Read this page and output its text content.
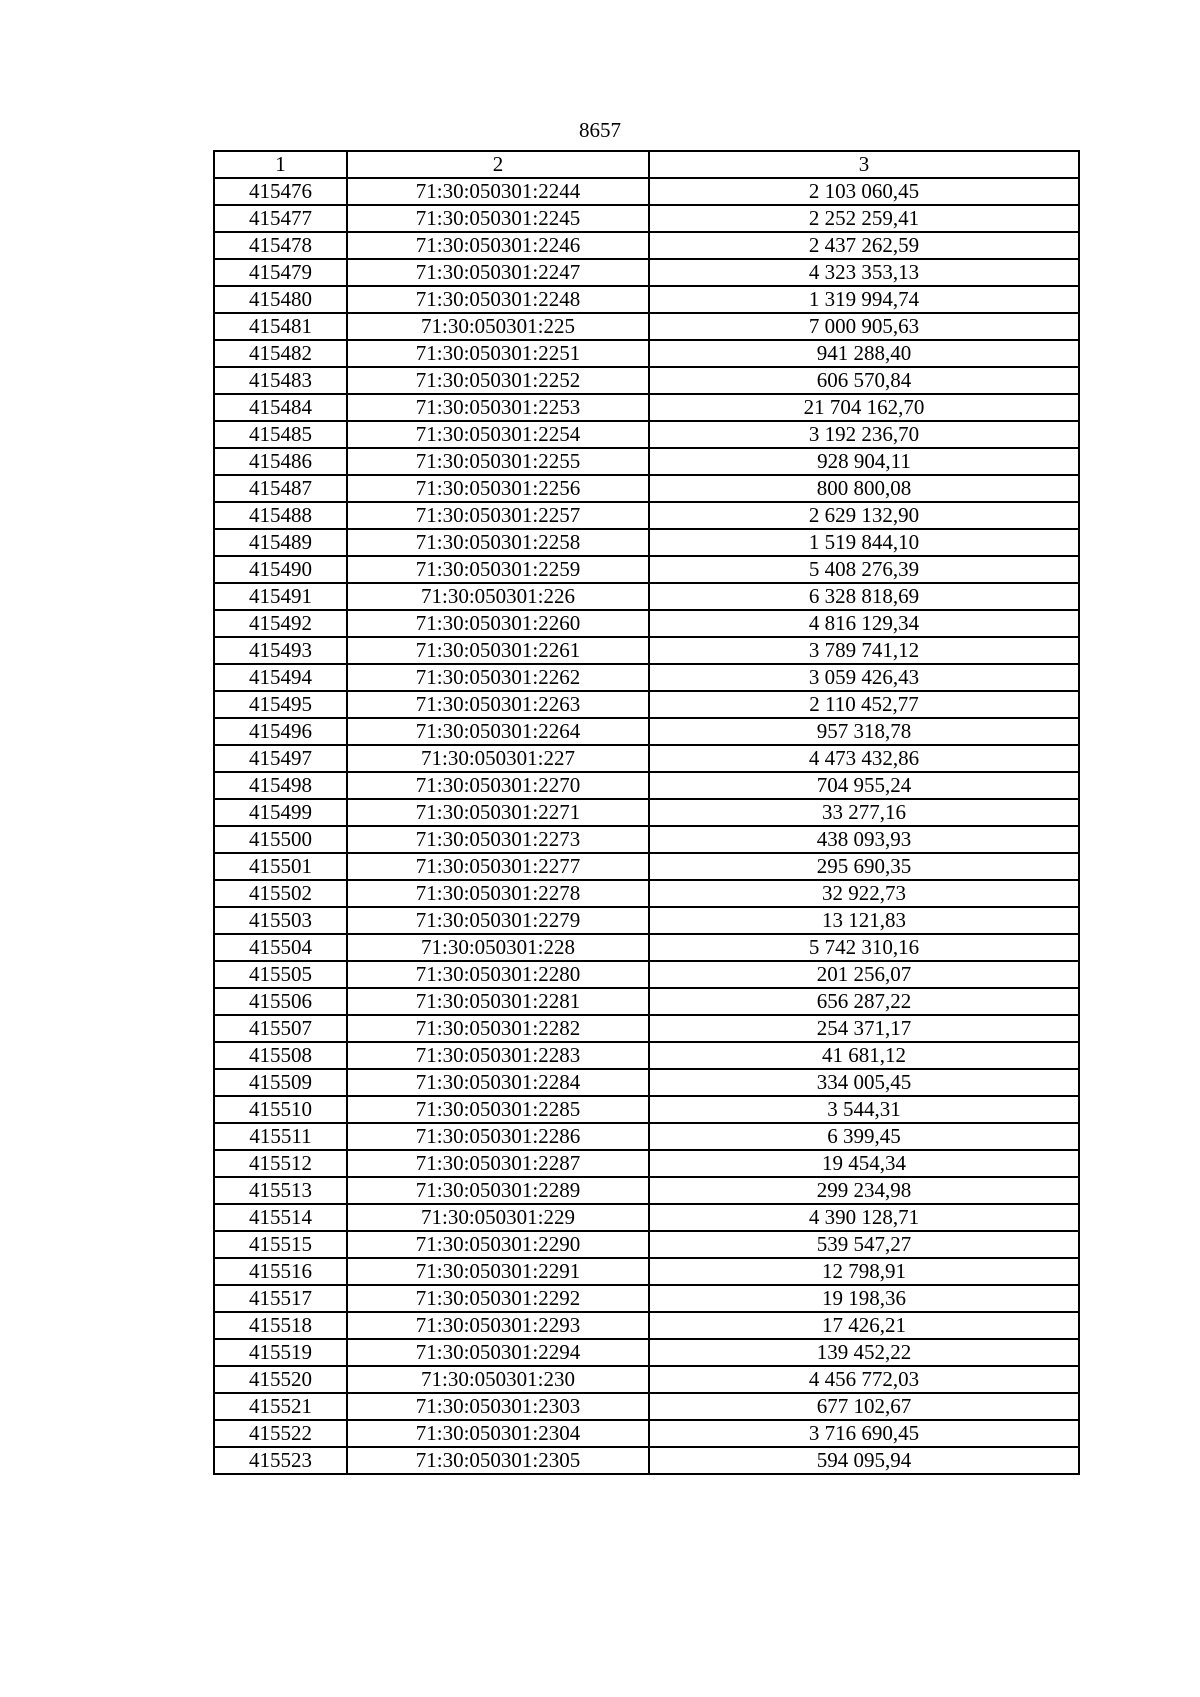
8657
1	2	3
415476	71:30:050301:2244	2 103 060,45
415477	71:30:050301:2245	2 252 259,41
415478	71:30:050301:2246	2 437 262,59
415479	71:30:050301:2247	4 323 353,13
415480	71:30:050301:2248	1 319 994,74
415481	71:30:050301:225	7 000 905,63
415482	71:30:050301:2251	941 288,40
415483	71:30:050301:2252	606 570,84
415484	71:30:050301:2253	21 704 162,70
415485	71:30:050301:2254	3 192 236,70
415486	71:30:050301:2255	928 904,11
415487	71:30:050301:2256	800 800,08
415488	71:30:050301:2257	2 629 132,90
415489	71:30:050301:2258	1 519 844,10
415490	71:30:050301:2259	5 408 276,39
415491	71:30:050301:226	6 328 818,69
415492	71:30:050301:2260	4 816 129,34
415493	71:30:050301:2261	3 789 741,12
415494	71:30:050301:2262	3 059 426,43
415495	71:30:050301:2263	2 110 452,77
415496	71:30:050301:2264	957 318,78
415497	71:30:050301:227	4 473 432,86
415498	71:30:050301:2270	704 955,24
415499	71:30:050301:2271	33 277,16
415500	71:30:050301:2273	438 093,93
415501	71:30:050301:2277	295 690,35
415502	71:30:050301:2278	32 922,73
415503	71:30:050301:2279	13 121,83
415504	71:30:050301:228	5 742 310,16
415505	71:30:050301:2280	201 256,07
415506	71:30:050301:2281	656 287,22
415507	71:30:050301:2282	254 371,17
415508	71:30:050301:2283	41 681,12
415509	71:30:050301:2284	334 005,45
415510	71:30:050301:2285	3 544,31
415511	71:30:050301:2286	6 399,45
415512	71:30:050301:2287	19 454,34
415513	71:30:050301:2289	299 234,98
415514	71:30:050301:229	4 390 128,71
415515	71:30:050301:2290	539 547,27
415516	71:30:050301:2291	12 798,91
415517	71:30:050301:2292	19 198,36
415518	71:30:050301:2293	17 426,21
415519	71:30:050301:2294	139 452,22
415520	71:30:050301:230	4 456 772,03
415521	71:30:050301:2303	677 102,67
415522	71:30:050301:2304	3 716 690,45
415523	71:30:050301:2305	594 095,94
